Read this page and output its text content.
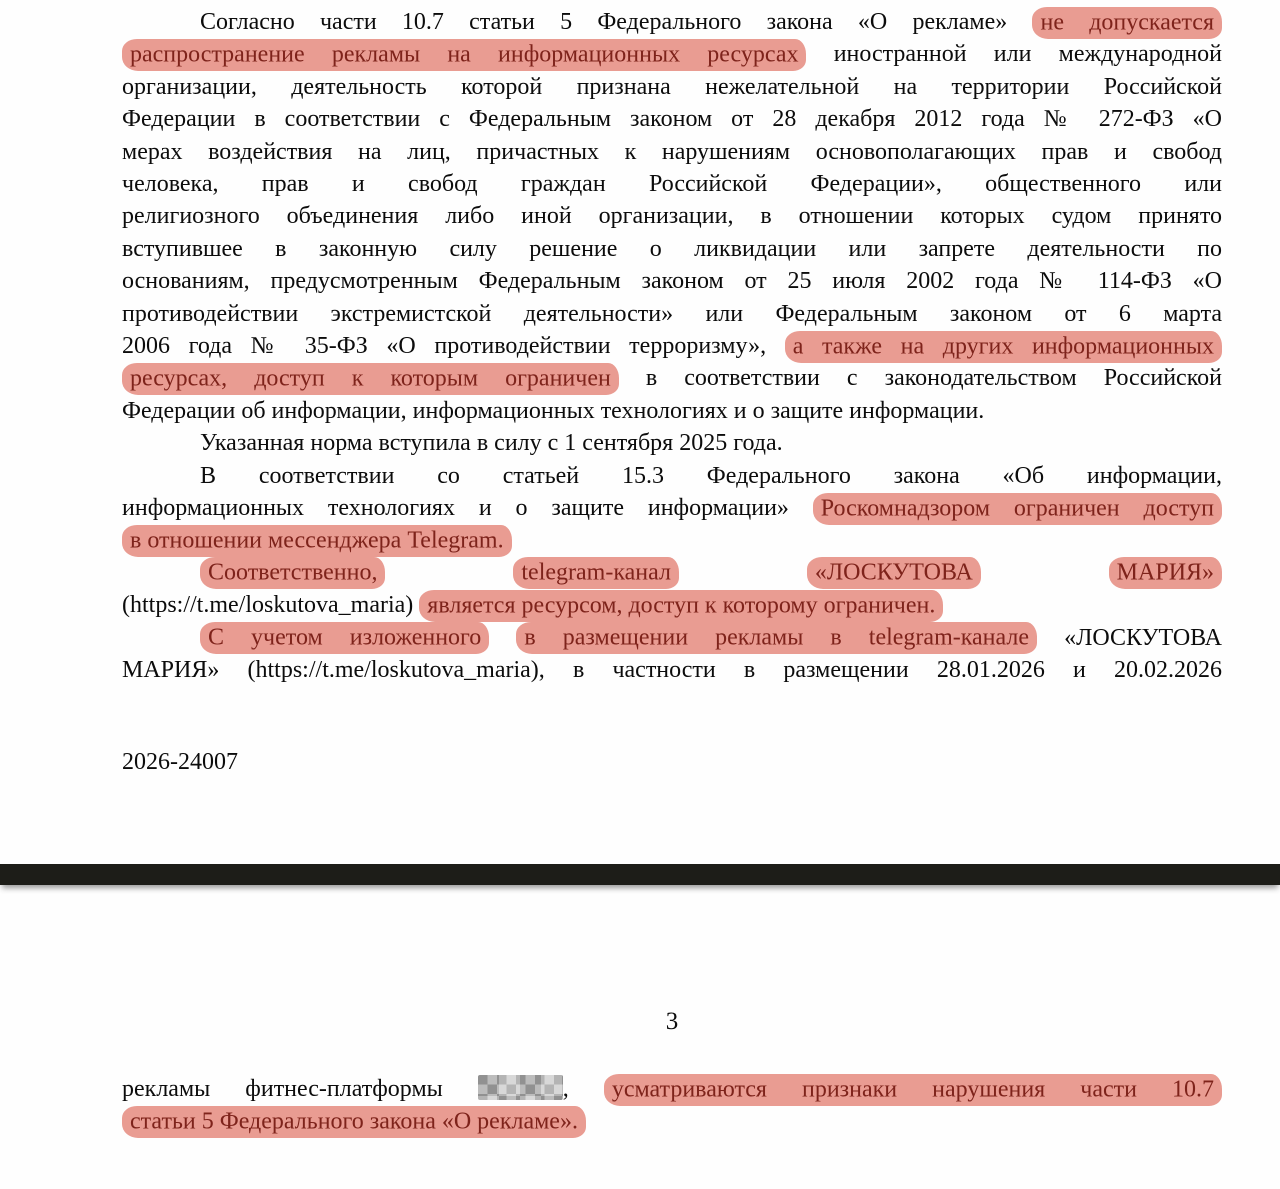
Согласно части 10.7 статьи 5 Федерального закона «О рекламе» не допускается
распространение рекламы на информационных ресурсах иностранной или международной
организации, деятельность которой признана нежелательной на территории Российской
Федерации в соответствии с Федеральным законом от 28 декабря 2012 года № 272-ФЗ «О
мерах воздействия на лиц, причастных к нарушениям основополагающих прав и свобод
человека, прав и свобод граждан Российской Федерации», общественного или
религиозного объединения либо иной организации, в отношении которых судом принято
вступившее в законную силу решение о ликвидации или запрете деятельности по
основаниям, предусмотренным Федеральным законом от 25 июля 2002 года № 114-ФЗ «О
противодействии экстремистской деятельности» или Федеральным законом от 6 марта
2006 года № 35-ФЗ «О противодействии терроризму», а также на других информационных
ресурсах, доступ к которым ограничен в соответствии с законодательством Российской
Федерации об информации, информационных технологиях и о защите информации.
Указанная норма вступила в силу с 1 сентября 2025 года.
В соответствии со статьей 15.3 Федерального закона «Об информации,
информационных технологиях и о защите информации» Роскомнадзором ограничен доступ
в отношении мессенджера Telegram.
Соответственно,	telegram-канал	«ЛОСКУТОВА	МАРИЯ»
(https://t.me/loskutova_maria) является ресурсом, доступ к которому ограничен.
С учетом изложенного в размещении рекламы в telegram-канале «ЛОСКУТОВА
МАРИЯ» (https://t.me/loskutova_maria), в частности в размещении 28.01.2026 и 20.02.2026
2026-24007
3
рекламы фитнес-платформы	, усматриваются признаки нарушения части 10.7
статьи 5 Федерального закона «О рекламе».
